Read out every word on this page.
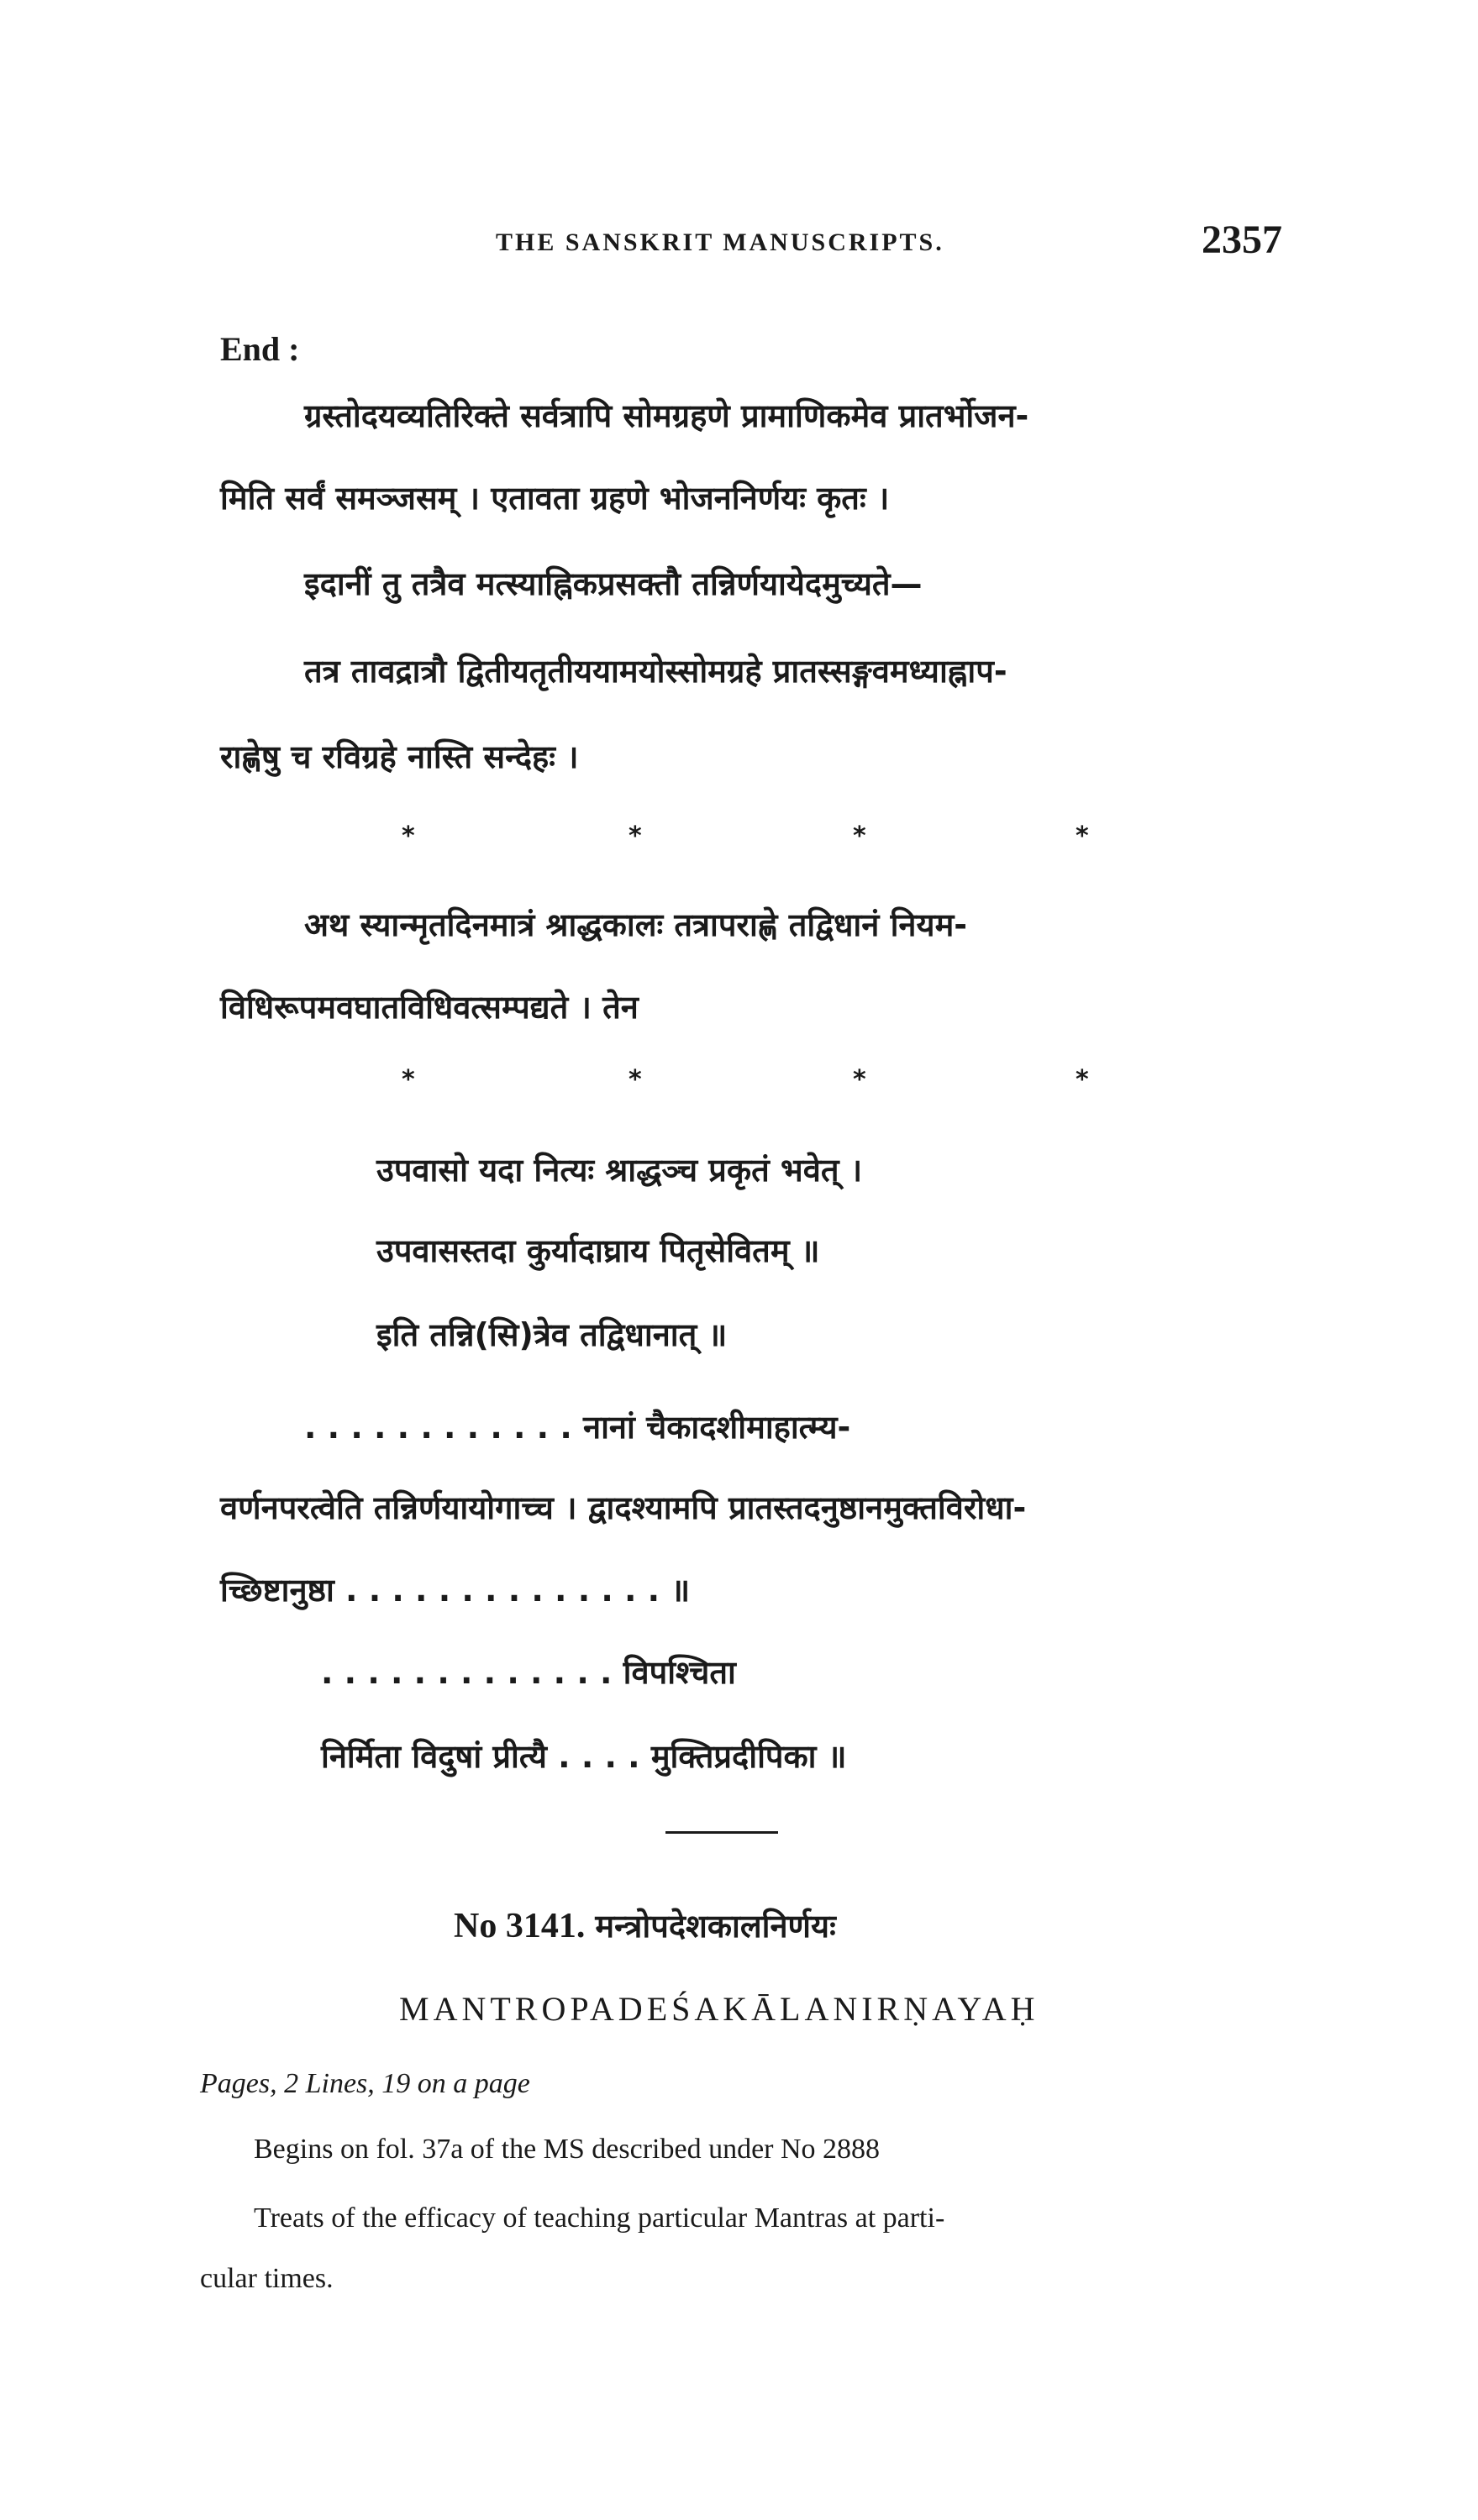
THE SANSKRIT MANUSCRIPTS.	2357
End :
ग्रस्तोदयव्यतिरिक्ते सर्वत्रापि सोमग्रहणे प्रामाणिकमेव प्रातर्भोजन-
मिति सर्वं समञ्जसम् । एतावता ग्रहणे भोजननिर्णयः कृतः ।
इदानीं तु तत्रैव मत्स्याह्निकप्रसक्तौ तन्निर्णयायेदमुच्यते—
तत्र तावद्रात्रौ द्वितीयतृतीययामयोस्सोमग्रहे प्रातस्सङ्गवमध्याह्नाप-
राह्णेषु च रविग्रहे नास्ति सन्देहः ।
*	*	*	*
अथ स्यान्मृतदिनमात्रं श्राद्धकालः तत्रापराह्णे तद्विधानं नियम-
विधिरूपमवघातविधिवत्सम्पद्यते । तेन
*	*	*	*
उपवासो यदा नित्यः श्राद्धञ्च प्रकृतं भवेत् ।
उपवासस्तदा कुर्यादाघ्राय पितृसेवितम् ॥
इति तन्नि(सि)त्रेव तद्विधानात् ॥
. . . . . . . . . . . . नानां चैकादशीमाहात्म्य-
वर्णनपरत्वेति तन्निर्णयायोगाच्च । द्वादश्यामपि प्रातस्तदनुष्ठानमुक्तविरोधा-
च्छिष्टानुष्ठा . . . . . . . . . . . . . . ॥
. . . . . . . . . . . . . विपश्चिता
निर्मिता विदुषां प्रीत्यै . . . . मुक्तिप्रदीपिका ॥
No 3141. मन्त्रोपदेशकालनिर्णयः
MANTROPADEŚAKĀLANIRṆAYAḤ
Pages, 2 Lines, 19 on a page
Begins on fol. 37a of the MS described under No 2888
Treats of the efficacy of teaching particular Mantras at parti-
cular times.
